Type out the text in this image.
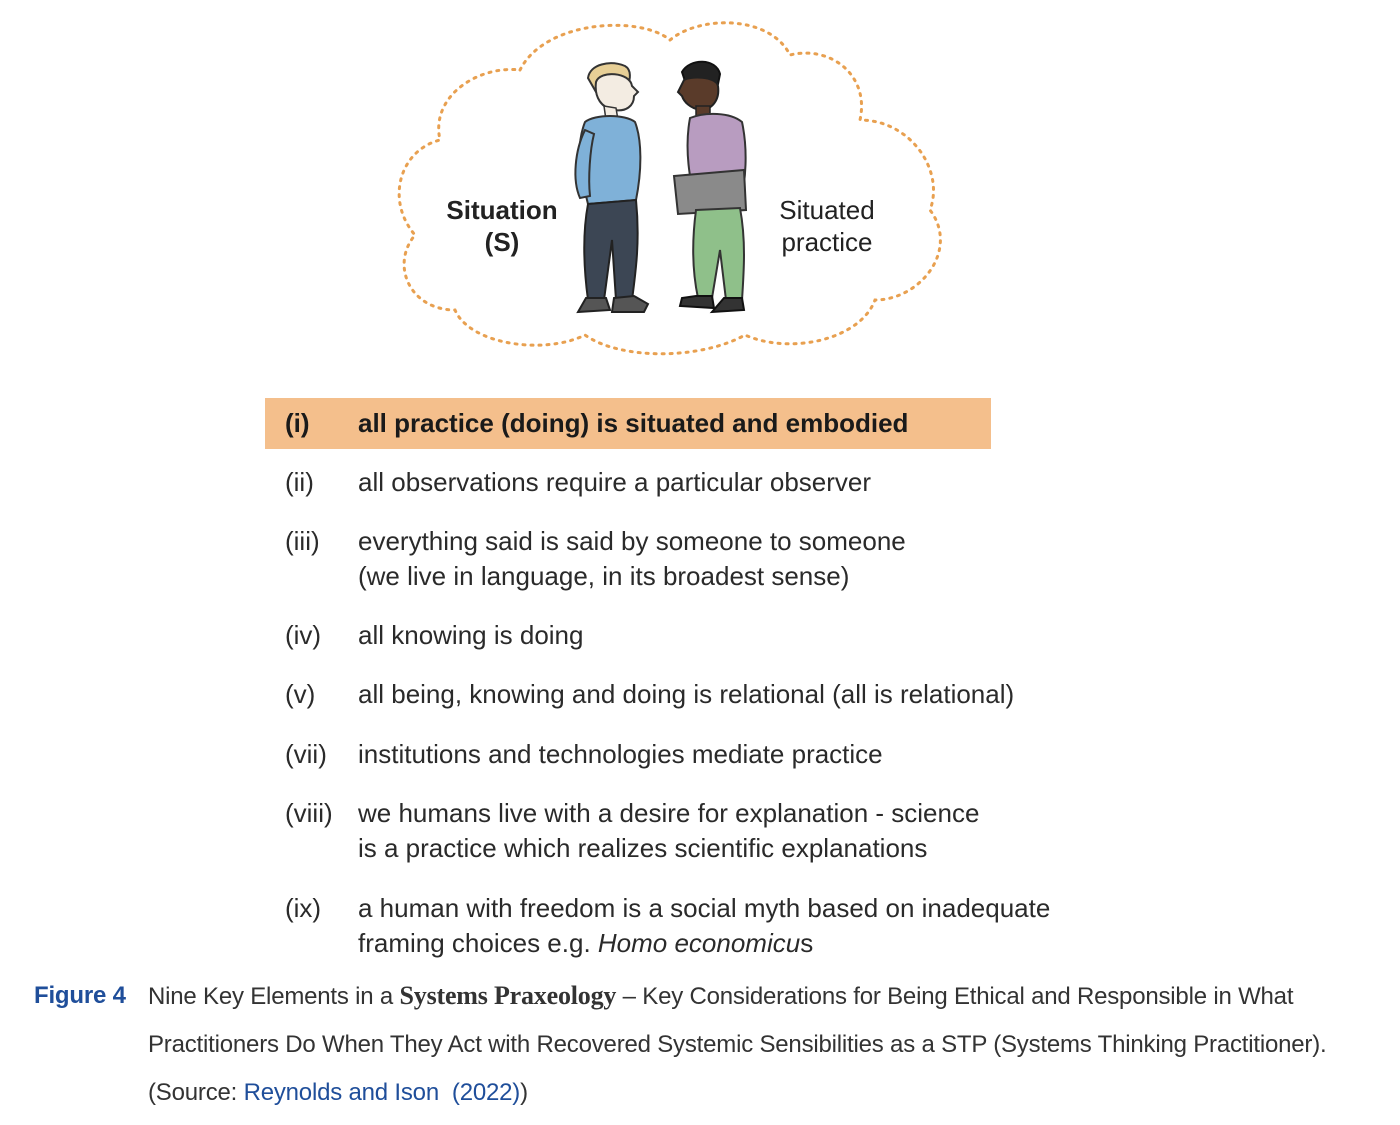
Situation
(S)
Situated
practice
(i)	all practice (doing) is situated and embodied
(ii)	all observations require a particular observer
(iii)	everything said is said by someone to someone
(we live in language, in its broadest sense)
(iv)	all knowing is doing
(v)	all being, knowing and doing is relational (all is relational)
(vii)	institutions and technologies mediate practice
(viii) we humans live with a desire for explanation - science
is a practice which realizes scientific explanations
(ix)	a human with freedom is a social myth based on inadequate
framing choices e.g. Homo economicus
Figure 4 Nine Key Elements in a Systems Praxeology – Key Considerations for Being Ethical and Responsible in What Practitioners Do When They Act with Recovered Systemic Sensibilities as a STP (Systems Thinking Practitioner). (Source: Reynolds and Ison (2022))
